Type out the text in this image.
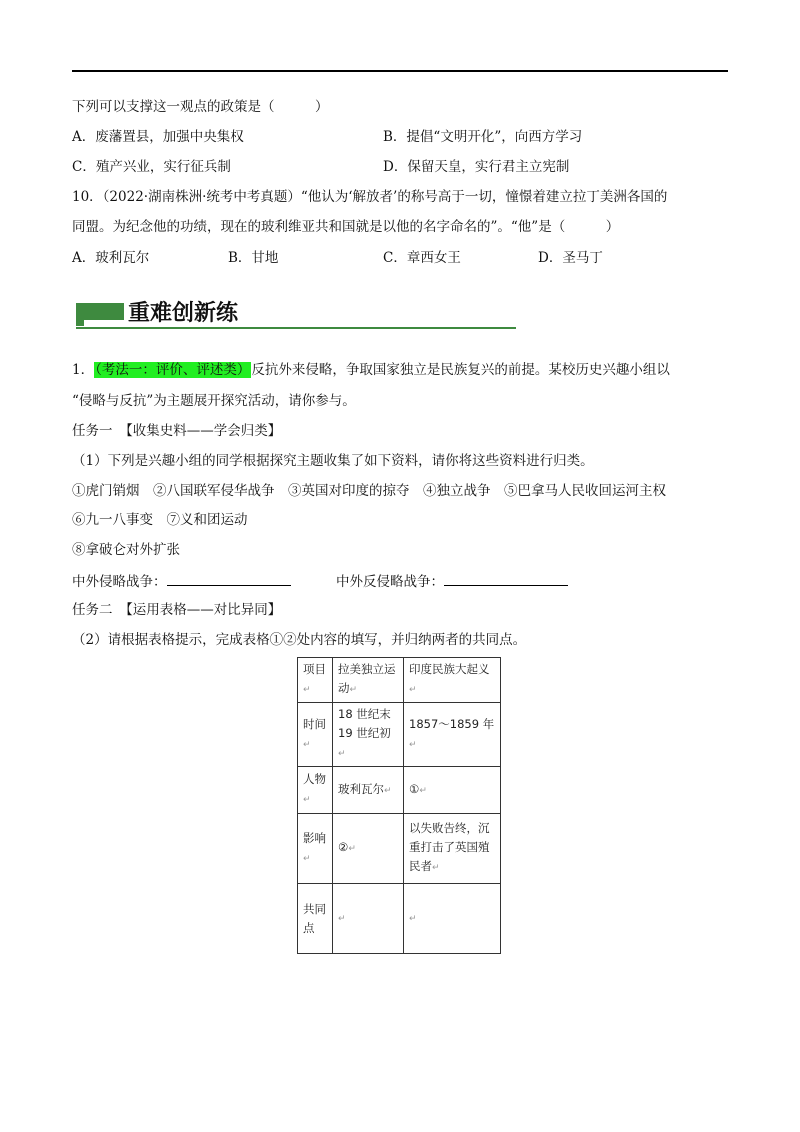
下列可以支撑这一观点的政策是（　　　）
A．废藩置县，加强中央集权	B．提倡“文明开化”，向西方学习
C．殖产兴业，实行征兵制	D．保留天皇，实行君主立宪制
10．（2022·湖南株洲·统考中考真题）“他认为‘解放者’的称号高于一切，憧憬着建立拉丁美洲各国的
同盟。为纪念他的功绩，现在的玻利维亚共和国就是以他的名字命名的”。“他”是（　　　）
A．玻利瓦尔	B．甘地	C．章西女王	D．圣马丁
重难创新练
1．（考法一：评价、评述类）反抗外来侵略，争取国家独立是民族复兴的前提。某校历史兴趣小组以
“侵略与反抗”为主题展开探究活动，请你参与。
任务一　【收集史料——学会归类】
（1）下列是兴趣小组的同学根据探究主题收集了如下资料，请你将这些资料进行归类。
①虎门销烟　②八国联军侵华战争　③英国对印度的掠夺　④独立战争　⑤巴拿马人民收回运河主权
⑥九一八事变　⑦义和团运动
⑧拿破仑对外扩张
中外侵略战争：	中外反侵略战争：
任务二　【运用表格——对比异同】
（2）请根据表格提示，完成表格①②处内容的填写，并归纳两者的共同点。
项目↵	拉美独立运动↵	印度民族大起义↵
时间↵	18 世纪末 19 世纪初↵	1857～1859 年↵
人物↵	玻利瓦尔↵	①↵
影响↵	②↵	以失败告终，沉重打击了英国殖民者↵
共同点	↵	↵
